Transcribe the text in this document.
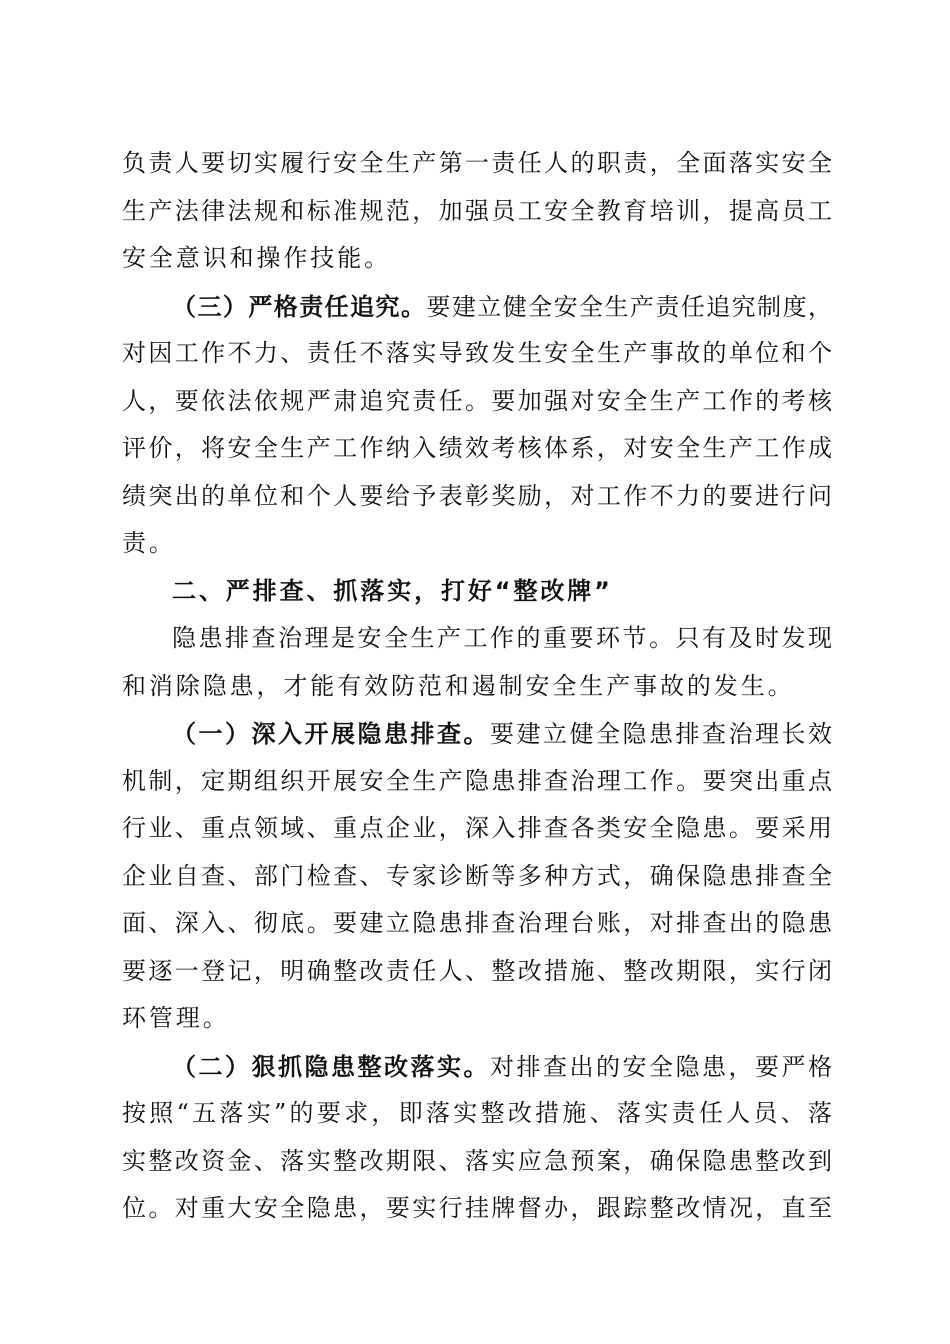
负责人要切实履行安全生产第一责任人的职责，全面落实安全
生产法律法规和标准规范，加强员工安全教育培训，提高员工
安全意识和操作技能。
（三）严格责任追究。要建立健全安全生产责任追究制度，
对因工作不力、责任不落实导致发生安全生产事故的单位和个
人，要依法依规严肃追究责任。要加强对安全生产工作的考核
评价，将安全生产工作纳入绩效考核体系，对安全生产工作成
绩突出的单位和个人要给予表彰奖励，对工作不力的要进行问
责。
二、严排查、抓落实，打好“整改牌”
隐患排查治理是安全生产工作的重要环节。只有及时发现
和消除隐患，才能有效防范和遏制安全生产事故的发生。
（一）深入开展隐患排查。要建立健全隐患排查治理长效
机制，定期组织开展安全生产隐患排查治理工作。要突出重点
行业、重点领域、重点企业，深入排查各类安全隐患。要采用
企业自查、部门检查、专家诊断等多种方式，确保隐患排查全
面、深入、彻底。要建立隐患排查治理台账，对排查出的隐患
要逐一登记，明确整改责任人、整改措施、整改期限，实行闭
环管理。
（二）狠抓隐患整改落实。对排查出的安全隐患，要严格
按照“五落实”的要求，即落实整改措施、落实责任人员、落
实整改资金、落实整改期限、落实应急预案，确保隐患整改到
位。对重大安全隐患，要实行挂牌督办，跟踪整改情况，直至
